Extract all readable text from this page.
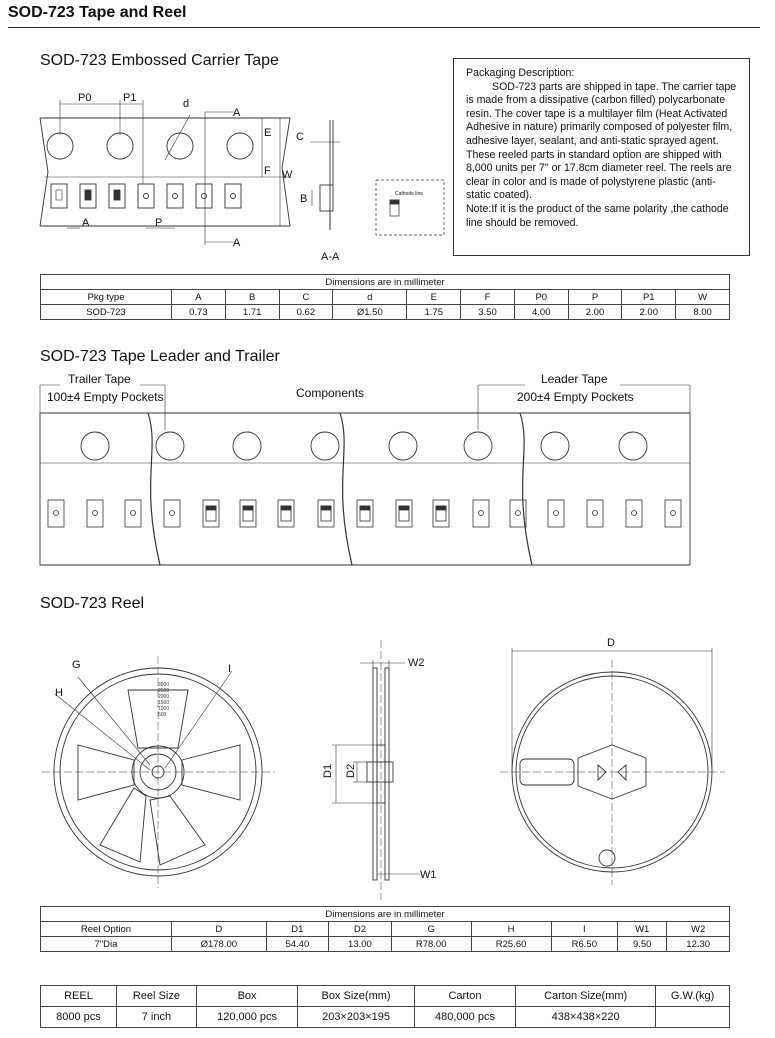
SOD-723 Tape and Reel
SOD-723 Embossed Carrier Tape
SOD-723 Tape Leader and Trailer
SOD-723 Reel

Packaging Description:

SOD-723 parts are shipped in tape. The carrier tape is made from a dissipative (carbon filled) polycarbonate resin. The cover tape is a multilayer film (Heat Activated Adhesive in nature) primarily composed of polyester film, adhesive layer, sealant, and anti-static sprayed agent. These reeled parts in standard option are shipped with 8,000 units per 7" or 17.8cm diameter reel. The reels are clear in color and is made of polystyrene plastic (anti-static coated).

Note:If it is the product of the same polarity ,the cathode line should be removed.

P0	P1	d
A
A
E
F W
A	P
C
B
A-A
Cathode line
Trailer Tape
100±4 Empty Pockets	Components
Leader Tape
200±4 Empty Pockets
3000
2500
2000
1500
1000
500
W2
W1
G
H
I
D1 D2
D
Dimensions are in millimeter										
Pkg type	A	B	C	d	E	F	P0	P	P1	W
SOD-723	0.73	1.71	0.62	Ø1.50	1.75	3.50	4.00	2.00	2.00	8.00
Dimensions are in millimeter								
Reel Option	D	D1	D2	G	H	I	W1	W2
7"Dia	Ø178.00	54.40	13.00	R78.00	R25.60	R6.50	9.50	12.30
REEL	Reel Size	Box	Box Size(mm)	Carton	Carton Size(mm)	G.W.(kg)
8000 pcs	7 inch	120,000 pcs	203×203×195	480,000 pcs	438×438×220	
